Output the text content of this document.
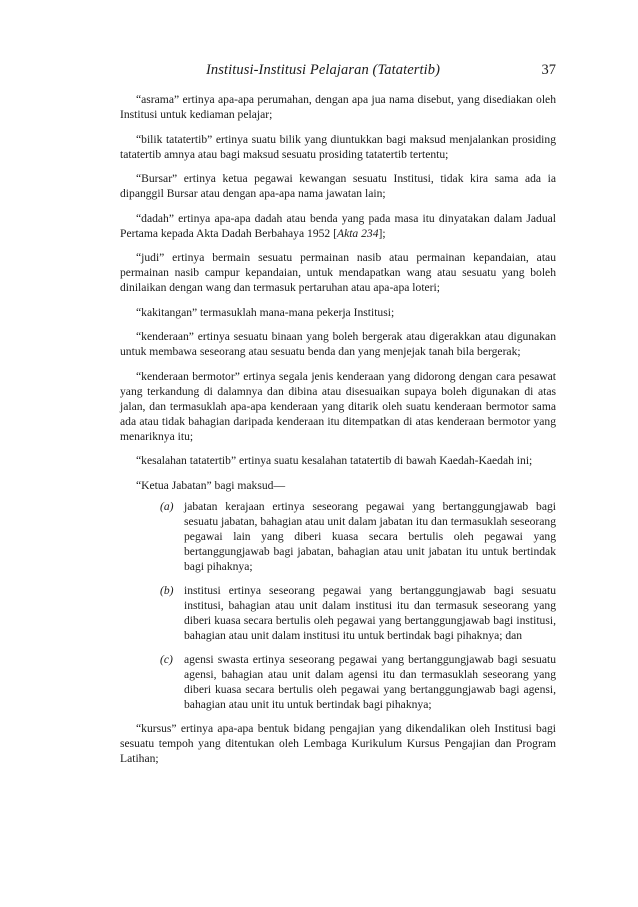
Institusi-Institusi Pelajaran (Tatatertib)	37

“asrama” ertinya apa-apa perumahan, dengan apa jua nama disebut, yang disediakan oleh Institusi untuk kediaman pelajar;

“bilik tatatertib” ertinya suatu bilik yang diuntukkan bagi maksud menjalankan prosiding tatatertib amnya atau bagi maksud sesuatu prosiding tatatertib tertentu;

“Bursar” ertinya ketua pegawai kewangan sesuatu Institusi, tidak kira sama ada ia dipanggil Bursar atau dengan apa-apa nama jawatan lain;

“dadah” ertinya apa-apa dadah atau benda yang pada masa itu dinyatakan dalam Jadual Pertama kepada Akta Dadah Berbahaya 1952 [Akta 234];

“judi” ertinya bermain sesuatu permainan nasib atau permainan kepandaian, atau permainan nasib campur kepandaian, untuk mendapatkan wang atau sesuatu yang boleh dinilaikan dengan wang dan termasuk pertaruhan atau apa-apa loteri;

“kakitangan” termasuklah mana-mana pekerja Institusi;

“kenderaan” ertinya sesuatu binaan yang boleh bergerak atau digerakkan atau digunakan untuk membawa seseorang atau sesuatu benda dan yang menjejak tanah bila bergerak;

“kenderaan bermotor” ertinya segala jenis kenderaan yang didorong dengan cara pesawat yang terkandung di dalamnya dan dibina atau disesuaikan supaya boleh digunakan di atas jalan, dan termasuklah apa-apa kenderaan yang ditarik oleh suatu kenderaan bermotor sama ada atau tidak bahagian daripada kenderaan itu ditempatkan di atas kenderaan bermotor yang menariknya itu;

“kesalahan tatatertib” ertinya suatu kesalahan tatatertib di bawah Kaedah-Kaedah ini;

“Ketua Jabatan” bagi maksud—

(a) jabatan kerajaan ertinya seseorang pegawai yang bertanggungjawab bagi sesuatu jabatan, bahagian atau unit dalam jabatan itu dan termasuklah seseorang pegawai lain yang diberi kuasa secara bertulis oleh pegawai yang bertanggungjawab bagi jabatan, bahagian atau unit jabatan itu untuk bertindak bagi pihaknya;
(b) institusi ertinya seseorang pegawai yang bertanggungjawab bagi sesuatu institusi, bahagian atau unit dalam institusi itu dan termasuk seseorang yang diberi kuasa secara bertulis oleh pegawai yang bertanggungjawab bagi institusi, bahagian atau unit dalam institusi itu untuk bertindak bagi pihaknya; dan
(c) agensi swasta ertinya seseorang pegawai yang bertanggungjawab bagi sesuatu agensi, bahagian atau unit dalam agensi itu dan termasuklah seseorang yang diberi kuasa secara bertulis oleh pegawai yang bertanggungjawab bagi agensi, bahagian atau unit itu untuk bertindak bagi pihaknya;

“kursus” ertinya apa-apa bentuk bidang pengajian yang dikendalikan oleh Institusi bagi sesuatu tempoh yang ditentukan oleh Lembaga Kurikulum Kursus Pengajian dan Program Latihan;
